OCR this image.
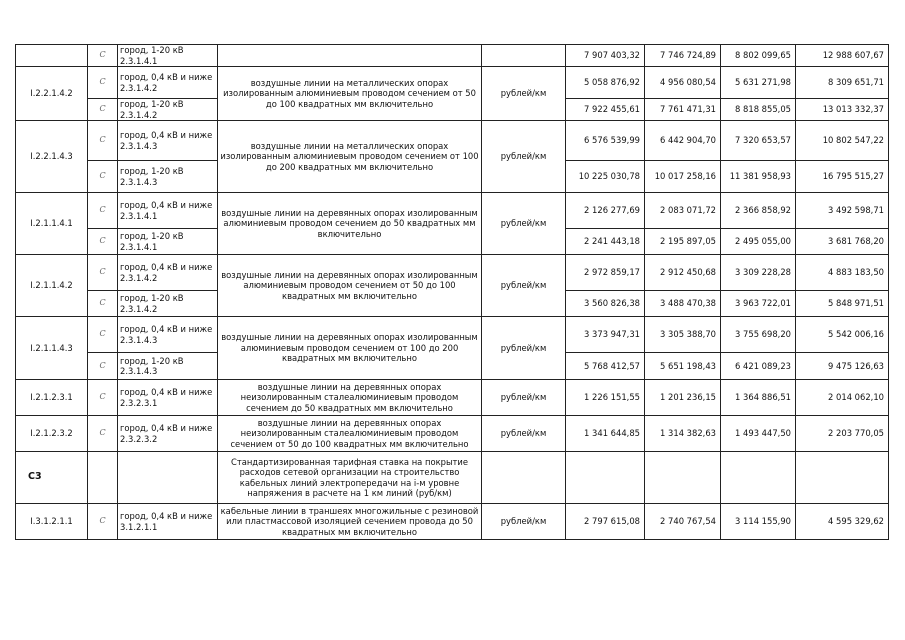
	C	город, 1-20 кВ 2.3.1.4.1			7 907 403,32	7 746 724,89	8 802 099,65	12 988 607,67
I.2.2.1.4.2	C	город, 0,4 кВ и ниже 2.3.1.4.2	воздушные линии на металлических опорах изолированным алюминиевым проводом сечением от 50 до 100 квадратных мм включительно	рублей/км	5 058 876,92	4 956 080,54	5 631 271,98	8 309 651,71
	C	город, 1-20 кВ 2.3.1.4.2			7 922 455,61	7 761 471,31	8 818 855,05	13 013 332,37
I.2.2.1.4.3	C	город, 0,4 кВ и ниже 2.3.1.4.3	воздушные линии на металлических опорах изолированным алюминиевым проводом сечением от 100 до 200 квадратных мм включительно	рублей/км	6 576 539,99	6 442 904,70	7 320 653,57	10 802 547,22
	C	город, 1-20 кВ 2.3.1.4.3			10 225 030,78	10 017 258,16	11 381 958,93	16 795 515,27
I.2.1.1.4.1	C	город, 0,4 кВ и ниже 2.3.1.4.1	воздушные линии на деревянных опорах изолированным алюминиевым проводом сечением до 50 квадратных мм включительно	рублей/км	2 126 277,69	2 083 071,72	2 366 858,92	3 492 598,71
	C	город, 1-20 кВ 2.3.1.4.1			2 241 443,18	2 195 897,05	2 495 055,00	3 681 768,20
I.2.1.1.4.2	C	город, 0,4 кВ и ниже 2.3.1.4.2	воздушные линии на деревянных опорах изолированным алюминиевым проводом сечением от 50 до 100 квадратных мм включительно	рублей/км	2 972 859,17	2 912 450,68	3 309 228,28	4 883 183,50
	C	город, 1-20 кВ 2.3.1.4.2			3 560 826,38	3 488 470,38	3 963 722,01	5 848 971,51
I.2.1.1.4.3	C	город, 0,4 кВ и ниже 2.3.1.4.3	воздушные линии на деревянных опорах изолированным алюминиевым проводом сечением от 100 до 200 квадратных мм включительно	рублей/км	3 373 947,31	3 305 388,70	3 755 698,20	5 542 006,16
	C	город, 1-20 кВ 2.3.1.4.3			5 768 412,57	5 651 198,43	6 421 089,23	9 475 126,63
I.2.1.2.3.1	C	город, 0,4 кВ и ниже 2.3.2.3.1	воздушные линии на деревянных опорах неизолированным сталеалюминиевым проводом сечением до 50 квадратных мм включительно	рублей/км	1 226 151,55	1 201 236,15	1 364 886,51	2 014 062,10
I.2.1.2.3.2	C	город, 0,4 кВ и ниже 2.3.2.3.2	воздушные линии на деревянных опорах неизолированным сталеалюминиевым проводом сечением от 50 до 100 квадратных мм включительно	рублей/км	1 341 644,85	1 314 382,63	1 493 447,50	2 203 770,05
С3			Стандартизированная тарифная ставка на покрытие расходов сетевой организации на строительство кабельных линий электропередачи на i-м уровне напряжения в расчете на 1 км линий (руб/км)					
I.3.1.2.1.1	C	город, 0,4 кВ и ниже 3.1.2.1.1	кабельные линии в траншеях многожильные с резиновой или пластмассовой изоляцией сечением провода до 50 квадратных мм включительно	рублей/км	2 797 615,08	2 740 767,54	3 114 155,90	4 595 329,62
